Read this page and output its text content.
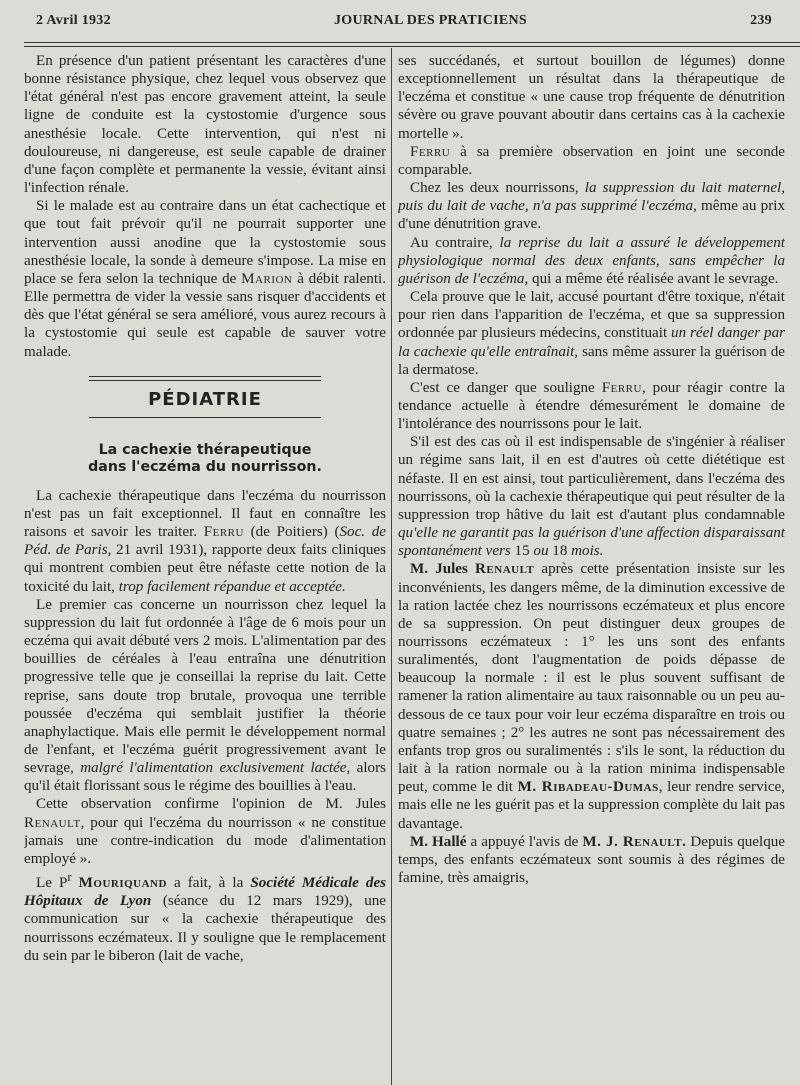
2 Avril 1932	JOURNAL DES PRATICIENS	239

En présence d'un patient présentant les caractères d'une bonne résistance physique, chez lequel vous observez que l'état général n'est pas encore gravement atteint, la seule ligne de conduite est la cystostomie d'urgence sous anesthésie locale. Cette intervention, qui n'est ni douloureuse, ni dangereuse, est seule capable de drainer d'une façon complète et permanente la vessie, évitant ainsi l'infection rénale.

Si le malade est au contraire dans un état cachectique et que tout fait prévoir qu'il ne pourrait supporter une intervention aussi anodine que la cystostomie sous anesthésie locale, la sonde à demeure s'impose. La mise en place se fera selon la technique de Marion à débit ralenti. Elle permettra de vider la vessie sans risquer d'accidents et dès que l'état général se sera amélioré, vous aurez recours à la cystostomie qui seule est capable de sauver votre malade.

PÉDIATRIE
La cachexie thérapeutique
dans l'eczéma du nourrisson.

La cachexie thérapeutique dans l'eczéma du nourrisson n'est pas un fait exceptionnel. Il faut en connaître les raisons et savoir les traiter. Ferru (de Poitiers) (Soc. de Péd. de Paris, 21 avril 1931), rapporte deux faits cliniques qui montrent combien peut être néfaste cette notion de la toxicité du lait, trop facilement répandue et acceptée.

Le premier cas concerne un nourrisson chez lequel la suppression du lait fut ordonnée à l'âge de 6 mois pour un eczéma qui avait débuté vers 2 mois. L'alimentation par des bouillies de céréales à l'eau entraîna une dénutrition progressive telle que je conseillai la reprise du lait. Cette reprise, sans doute trop brutale, provoqua une terrible poussée d'eczéma qui semblait justifier la théorie anaphylactique. Mais elle permit le développement normal de l'enfant, et l'eczéma guérit progressivement avant le sevrage, malgré l'alimentation exclusivement lactée, alors qu'il était florissant sous le régime des bouillies à l'eau.

Cette observation confirme l'opinion de M. Jules Renault, pour qui l'eczéma du nourrisson « ne constitue jamais une contre-indication du mode d'alimentation employé ».

Le $P^r$ Mouriquand a fait, à la Société Médicale des Hôpitaux de Lyon (séance du 12 mars 1929), une communication sur « la cachexie thérapeutique des nourrissons eczémateux. Il y souligne que le remplacement du sein par le biberon (lait de vache,

ses succédanés, et surtout bouillon de légumes) donne exceptionnellement un résultat dans la thérapeutique de l'eczéma et constitue « une cause trop fréquente de dénutrition sévère ou grave pouvant aboutir dans certains cas à la cachexie mortelle ».

Ferru à sa première observation en joint une seconde comparable.

Chez les deux nourrissons, la suppression du lait maternel, puis du lait de vache, n'a pas supprimé l'eczéma, même au prix d'une dénutrition grave.

Au contraire, la reprise du lait a assuré le développement physiologique normal des deux enfants, sans empêcher la guérison de l'eczéma, qui a même été réalisée avant le sevrage.

Cela prouve que le lait, accusé pourtant d'être toxique, n'était pour rien dans l'apparition de l'eczéma, et que sa suppression ordonnée par plusieurs médecins, constituait un réel danger par la cachexie qu'elle entraînait, sans même assurer la guérison de la dermatose.

C'est ce danger que souligne Ferru, pour réagir contre la tendance actuelle à étendre démesurément le domaine de l'intolérance des nourrissons pour le lait.

S'il est des cas où il est indispensable de s'ingénier à réaliser un régime sans lait, il en est d'autres où cette diététique est néfaste. Il en est ainsi, tout particulièrement, dans l'eczéma des nourrissons, où la cachexie thérapeutique qui peut résulter de la suppression trop hâtive du lait est d'autant plus condamnable qu'elle ne garantit pas la guérison d'une affection disparaissant spontanément vers 15 ou 18 mois.

M. Jules Renault après cette présentation insiste sur les inconvénients, les dangers même, de la diminution excessive de la ration lactée chez les nourrissons eczémateux et plus encore de sa suppression. On peut distinguer deux groupes de nourrissons eczémateux : 1° les uns sont des enfants suralimentés, dont l'augmentation de poids dépasse de beaucoup la normale : il est le plus souvent suffisant de ramener la ration alimentaire au taux raisonnable ou un peu au-dessous de ce taux pour voir leur eczéma disparaître en trois ou quatre semaines ; 2° les autres ne sont pas nécessairement des enfants trop gros ou suralimentés : s'ils le sont, la réduction du lait à la ration normale ou à la ration minima indispensable peut, comme le dit M. Ribadeau-Dumas, leur rendre service, mais elle ne les guérit pas et la suppression complète du lait pas davantage.

M. Hallé a appuyé l'avis de M. J. Renault. Depuis quelque temps, des enfants eczémateux sont soumis à des régimes de famine, très amaigris,
